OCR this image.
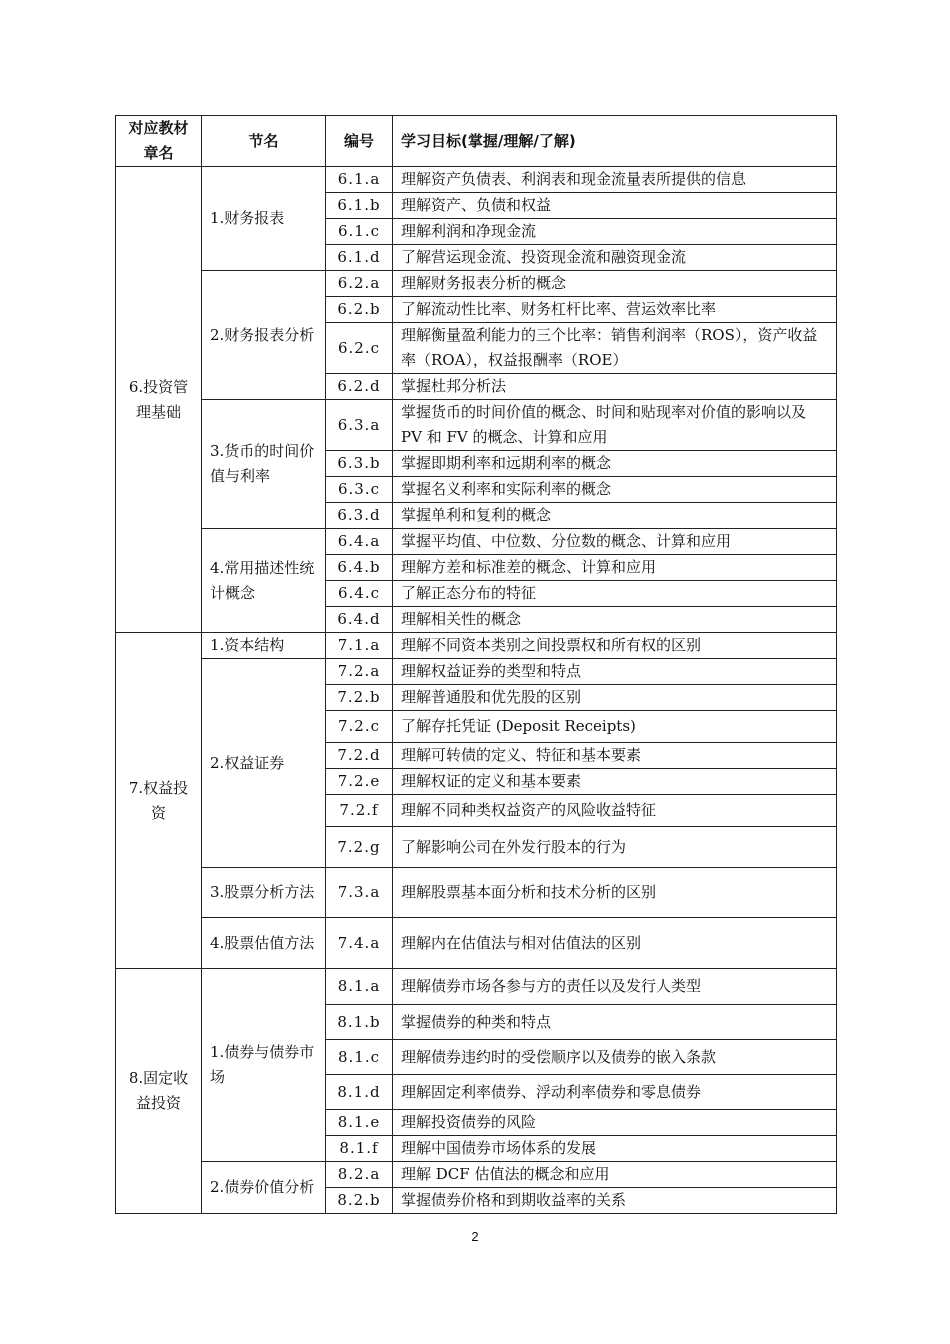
对应教材章名	节名	编号	学习目标(掌握/理解/了解)
6.投资管理基础	1.财务报表	6.1.a	理解资产负债表、利润表和现金流量表所提供的信息
		6.1.b	理解资产、负债和权益
		6.1.c	理解利润和净现金流
		6.1.d	了解营运现金流、投资现金流和融资现金流
	2.财务报表分析	6.2.a	理解财务报表分析的概念
		6.2.b	了解流动性比率、财务杠杆比率、营运效率比率
		6.2.c	理解衡量盈利能力的三个比率：销售利润率（ROS），资产收益率（ROA），权益报酬率（ROE）
		6.2.d	掌握杜邦分析法
	3.货币的时间价值与利率	6.3.a	掌握货币的时间价值的概念、时间和贴现率对价值的影响以及 PV 和 FV 的概念、计算和应用
		6.3.b	掌握即期利率和远期利率的概念
		6.3.c	掌握名义利率和实际利率的概念
		6.3.d	掌握单利和复利的概念
	4.常用描述性统计概念	6.4.a	掌握平均值、中位数、分位数的概念、计算和应用
		6.4.b	理解方差和标准差的概念、计算和应用
		6.4.c	了解正态分布的特征
		6.4.d	理解相关性的概念
7.权益投资	1.资本结构	7.1.a	理解不同资本类别之间投票权和所有权的区别
	2.权益证券	7.2.a	理解权益证券的类型和特点
		7.2.b	理解普通股和优先股的区别
		7.2.c	了解存托凭证 (Deposit Receipts)
		7.2.d	理解可转债的定义、特征和基本要素
		7.2.e	理解权证的定义和基本要素
		7.2.f	理解不同种类权益资产的风险收益特征
		7.2.g	了解影响公司在外发行股本的行为
	3.股票分析方法	7.3.a	理解股票基本面分析和技术分析的区别
	4.股票估值方法	7.4.a	理解内在估值法与相对估值法的区别
8.固定收益投资	1.债券与债券市场	8.1.a	理解债券市场各参与方的责任以及发行人类型
		8.1.b	掌握债券的种类和特点
		8.1.c	理解债券违约时的受偿顺序以及债券的嵌入条款
		8.1.d	理解固定利率债券、浮动利率债券和零息债券
		8.1.e	理解投资债券的风险
		8.1.f	理解中国债券市场体系的发展
	2.债券价值分析	8.2.a	理解 DCF 估值法的概念和应用
		8.2.b	掌握债券价格和到期收益率的关系
2
